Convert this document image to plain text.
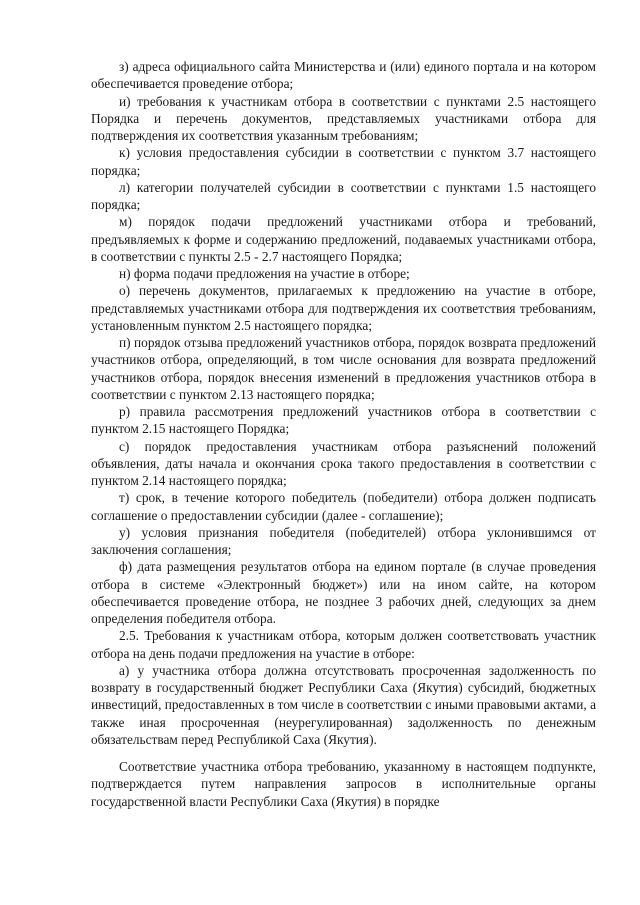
з) адреса официального сайта Министерства и (или) единого портала и на котором обеспечивается проведение отбора;

и) требования к участникам отбора в соответствии с пунктами 2.5 настоящего Порядка и перечень документов, представляемых участниками отбора для подтверждения их соответствия указанным требованиям;

к) условия предоставления субсидии в соответствии с пунктом 3.7 настоящего порядка;

л) категории получателей субсидии в соответствии с пунктами 1.5 настоящего порядка;

м) порядок подачи предложений участниками отбора и требований, предъявляемых к форме и содержанию предложений, подаваемых участниками отбора, в соответствии с пункты 2.5 - 2.7 настоящего Порядка;

н) форма подачи предложения на участие в отборе;

о) перечень документов, прилагаемых к предложению на участие в отборе, представляемых участниками отбора для подтверждения их соответствия требованиям, установленным пунктом 2.5 настоящего порядка;

п) порядок отзыва предложений участников отбора, порядок возврата предложений участников отбора, определяющий, в том числе основания для возврата предложений участников отбора, порядок внесения изменений в предложения участников отбора в соответствии с пунктом 2.13 настоящего порядка;

р) правила рассмотрения предложений участников отбора в соответствии с пунктом 2.15 настоящего Порядка;

с) порядок предоставления участникам отбора разъяснений положений объявления, даты начала и окончания срока такого предоставления в соответствии с пунктом 2.14 настоящего порядка;

т) срок, в течение которого победитель (победители) отбора должен подписать соглашение о предоставлении субсидии (далее - соглашение);

у) условия признания победителя (победителей) отбора уклонившимся от заключения соглашения;

ф) дата размещения результатов отбора на едином портале (в случае проведения отбора в системе «Электронный бюджет») или на ином сайте, на котором обеспечивается проведение отбора, не позднее 3 рабочих дней, следующих за днем определения победителя отбора.

2.5. Требования к участникам отбора, которым должен соответствовать участник отбора на день подачи предложения на участие в отборе:

а) у участника отбора должна отсутствовать просроченная задолженность по возврату в государственный бюджет Республики Саха (Якутия) субсидий, бюджетных инвестиций, предоставленных в том числе в соответствии с иными правовыми актами, а также иная просроченная (неурегулированная) задолженность по денежным обязательствам перед Республикой Саха (Якутия).

Соответствие участника отбора требованию, указанному в настоящем подпункте, подтверждается путем направления запросов в исполнительные органы государственной власти Республики Саха (Якутия) в порядке
